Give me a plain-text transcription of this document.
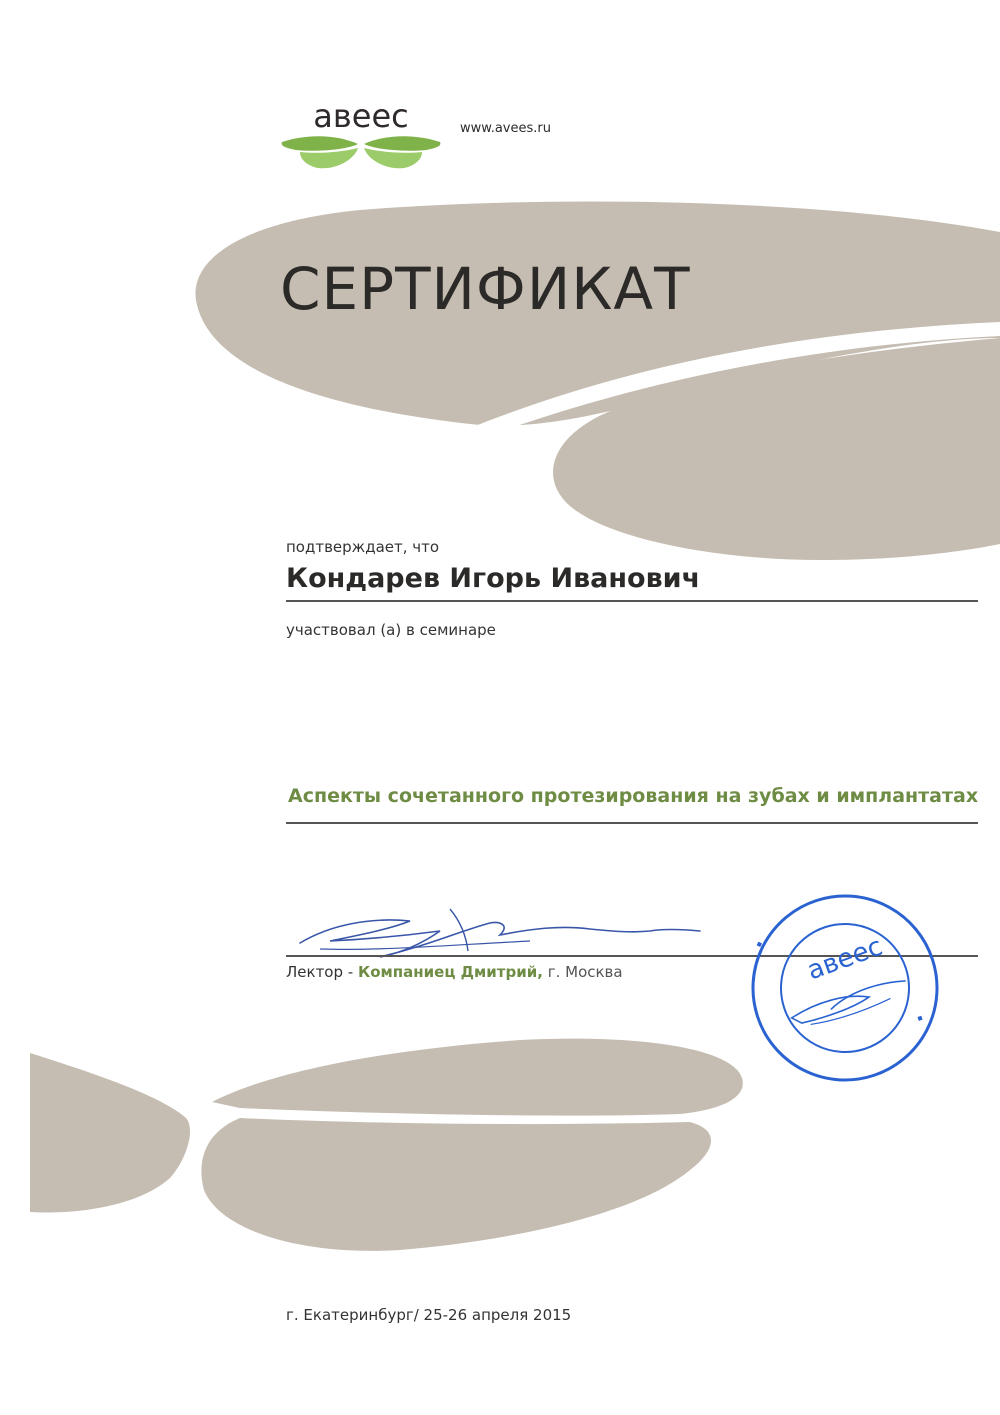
авеес	www.avees.ru
СЕРТИФИКАТ
подтверждает, что
Кондарев Игорь Иванович
участвовал (а) в семинаре
Аспекты сочетанного протезирования на зубах и имплантатах
Лектор - Компаниец Дмитрий, г. Москва	авеес
г. Екатеринбург/ 25-26 апреля 2015
